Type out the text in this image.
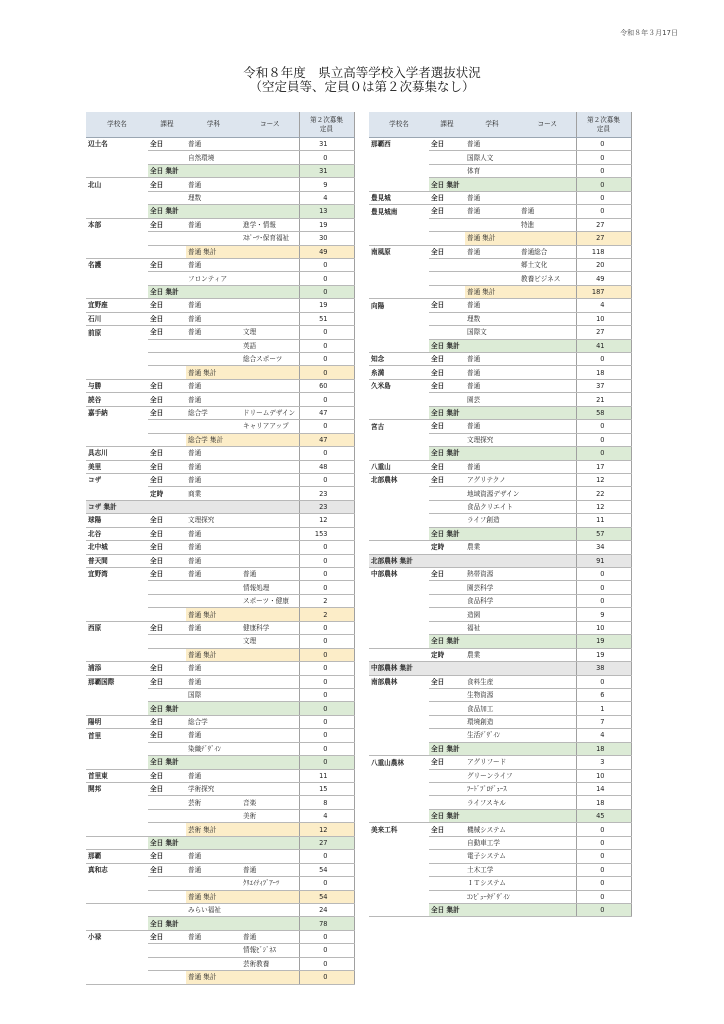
令和８年３月17日
令和８年度　県立高等学校入学者選抜状況
（空定員等、定員０は第２次募集なし）
学校名	課程	学科	コース	第２次募集
定員
辺土名	全日	普通		31
		自然環境		0
	全日 集計			31
北山	全日	普通		9
		理数		4
	全日 集計			13
本部	全日	普通	進学・情報	19
			ｽﾎﾟｰﾂ･保育福祉	30
		普通 集計		49
名護	全日	普通		0
		フロンティア		0
	全日 集計			0
宜野座	全日	普通		19
石川	全日	普通		51
前原	全日	普通	文理	0
			英語	0
			総合スポーツ	0
		普通 集計		0
与勝	全日	普通		60
読谷	全日	普通		0
嘉手納	全日	総合学	ドリームデザイン	47
			キャリアアップ	0
		総合学 集計		47
具志川	全日	普通		0
美里	全日	普通		48
コザ	全日	普通		0
	定時	商業		23
コザ 集計				23
球陽	全日	文理探究		12
北谷	全日	普通		153
北中城	全日	普通		0
普天間	全日	普通		0
宜野湾	全日	普通	普通	0
			情報処理	0
			スポーツ・健康	2
		普通 集計		2
西原	全日	普通	健康科学	0
			文理	0
		普通 集計		0
浦添	全日	普通		0
那覇国際	全日	普通		0
		国際		0
	全日 集計			0
陽明	全日	総合学		0
首里	全日	普通		0
		染織ﾃﾞｻﾞｲﾝ		0
	全日 集計			0
首里東	全日	普通		11
開邦	全日	学術探究		15
		芸術	音楽	8
			美術	4
		芸術 集計		12
	全日 集計			27
那覇	全日	普通		0
真和志	全日	普通	普通	54
			ｸﾘｴｲﾃｨﾌﾞｱｰﾂ	0
		普通 集計		54
		みらい福祉		24
	全日 集計			78
小禄	全日	普通	普通	0
			情報ﾋﾞｼﾞﾈｽ	0
			芸術教養	0
		普通 集計		0
学校名	課程	学科	コース	第２次募集
定員
那覇西	全日	普通		0
		国際人文		0
		体育		0
	全日 集計			0
豊見城	全日	普通		0
豊見城南	全日	普通	普通	0
			特進	27
		普通 集計		27
南風原	全日	普通	普通総合	118
			郷土文化	20
			教養ビジネス	49
		普通 集計		187
向陽	全日	普通		4
		理数		10
		国際文		27
	全日 集計			41
知念	全日	普通		0
糸満	全日	普通		18
久米島	全日	普通		37
		園芸		21
	全日 集計			58
宮古	全日	普通		0
		文理探究		0
	全日 集計			0
八重山	全日	普通		17
北部農林	全日	アグリテクノ		12
		地域資源デザイン		22
		食品クリエイト		12
		ライフ創造		11
	全日 集計			57
	定時	農業		34
北部農林 集計				91
中部農林	全日	熱帯資源		0
		園芸科学		0
		食品科学		0
		造園		9
		福祉		10
	全日 集計			19
	定時	農業		19
中部農林 集計				38
南部農林	全日	食料生産		0
		生物資源		6
		食品加工		1
		環境創造		7
		生活ﾃﾞｻﾞｲﾝ		4
	全日 集計			18
八重山農林	全日	アグリフード		3
		グリーンライフ		10
		ﾌｰﾄﾞﾌﾟﾛﾃﾞｭｰｽ		14
		ライフスキル		18
	全日 集計			45
美来工科	全日	機械システム		0
		自動車工学		0
		電子システム		0
		土木工学		0
		ＩＴシステム		0
		ｺﾝﾋﾟｭｰﾀﾃﾞｻﾞｲﾝ		0
	全日 集計			0
